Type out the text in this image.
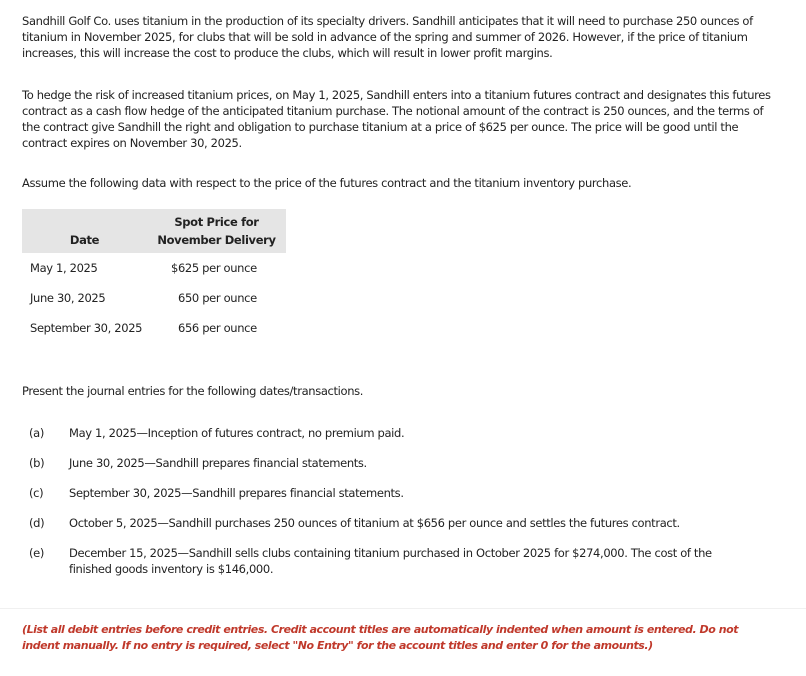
Sandhill Golf Co. uses titanium in the production of its specialty drivers. Sandhill anticipates that it will need to purchase 250 ounces of titanium in November 2025, for clubs that will be sold in advance of the spring and summer of 2026. However, if the price of titanium increases, this will increase the cost to produce the clubs, which will result in lower profit margins.

To hedge the risk of increased titanium prices, on May 1, 2025, Sandhill enters into a titanium futures contract and designates this futures contract as a cash flow hedge of the anticipated titanium purchase. The notional amount of the contract is 250 ounces, and the terms of the contract give Sandhill the right and obligation to purchase titanium at a price of $625 per ounce. The price will be good until the contract expires on November 30, 2025.

Assume the following data with respect to the price of the futures contract and the titanium inventory purchase.

Date	Spot Price for
November Delivery
May 1, 2025	$625 per ounce
June 30, 2025	650 per ounce
September 30, 2025	656 per ounce

Present the journal entries for the following dates/transactions.

(a)	May 1, 2025—Inception of futures contract, no premium paid.
(b)	June 30, 2025—Sandhill prepares financial statements.
(c)	September 30, 2025—Sandhill prepares financial statements.
(d)	October 5, 2025—Sandhill purchases 250 ounces of titanium at $656 per ounce and settles the futures contract.
(e)	December 15, 2025—Sandhill sells clubs containing titanium purchased in October 2025 for $274,000. The cost of the finished goods inventory is $146,000.

(List all debit entries before credit entries. Credit account titles are automatically indented when amount is entered. Do not indent manually. If no entry is required, select "No Entry" for the account titles and enter 0 for the amounts.)
